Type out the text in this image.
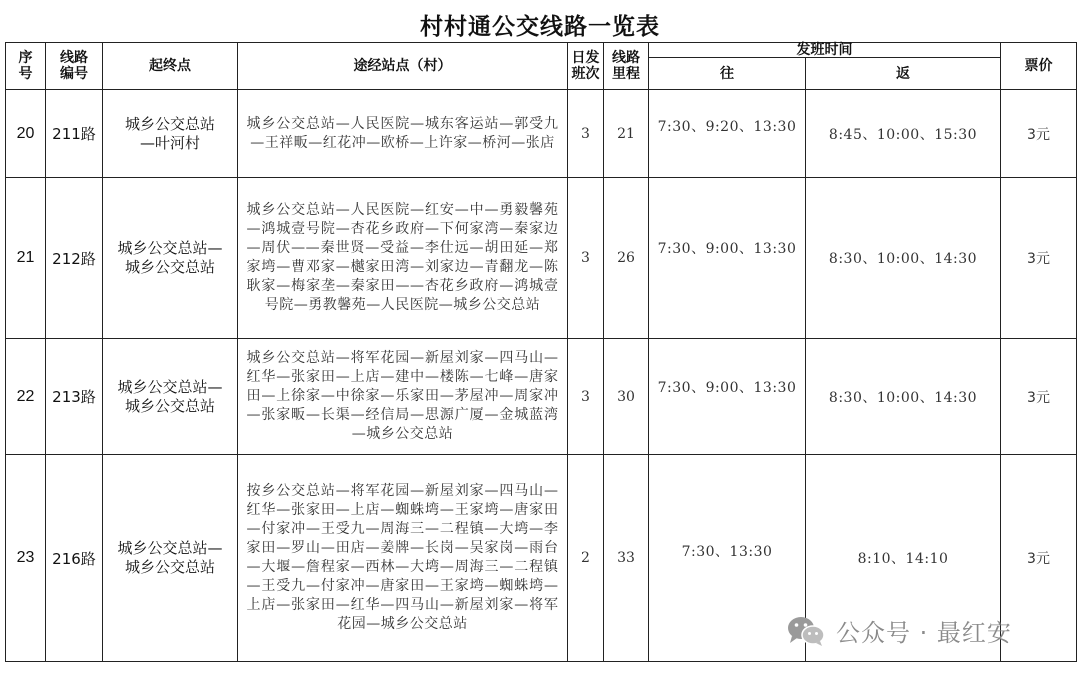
村村通公交线路一览表
序号	线路编号	起终点	途经站点（村）	日发班次	线路里程	发班时间		票价
						往	返	
20	211路	城乡公交总站
—叶河村	城乡公交总站—人民医院—城东客运站—郭受九—王祥畈—红花冲—欧桥—上许家—桥河—张店	3	21	7:30、9:20、13:30	8:45、10:00、15:30	3元
21	212路	城乡公交总站—
城乡公交总站	城乡公交总站—人民医院—红安—中—勇毅馨苑—鸿城壹号院—杏花乡政府—下何家湾—秦家边—周伏——秦世贤—受益—李仕远—胡田延—郑家塆—曹邓家—樾家田湾—刘家边—青翻龙—陈耿家—梅家垄—秦家田——杏花乡政府—鸿城壹号院—勇教馨苑—人民医院—城乡公交总站	3	26	7:30、9:00、13:30	8:30、10:00、14:30	3元
22	213路	城乡公交总站—
城乡公交总站	城乡公交总站—将军花园—新屋刘家—四马山—红华—张家田—上店—建中—楼陈—七峰—唐家田—上徐家—中徐家—乐家田—茅屋冲—周家冲—张家畈—长渠—经信局—思源广厦—金城蓝湾—城乡公交总站	3	30	7:30、9:00、13:30	8:30、10:00、14:30	3元
23	216路	城乡公交总站—
城乡公交总站	按乡公交总站—将军花园—新屋刘家—四马山—红华—张家田—上店—蜘蛛塆—王家塆—唐家田—付家冲—王受九—周海三—二程镇—大塆—李家田—罗山—田店—姜牌—长岗—吴家岗—雨台—大堰—詹程家—西林—大塆—周海三—二程镇—王受九—付家冲—唐家田—王家塆—蜘蛛塆—上店—张家田—红华—四马山—新屋刘家—将军花园—城乡公交总站	2	33	7:30、13:30	8:10、14:10	3元
公众号 · 最红安
